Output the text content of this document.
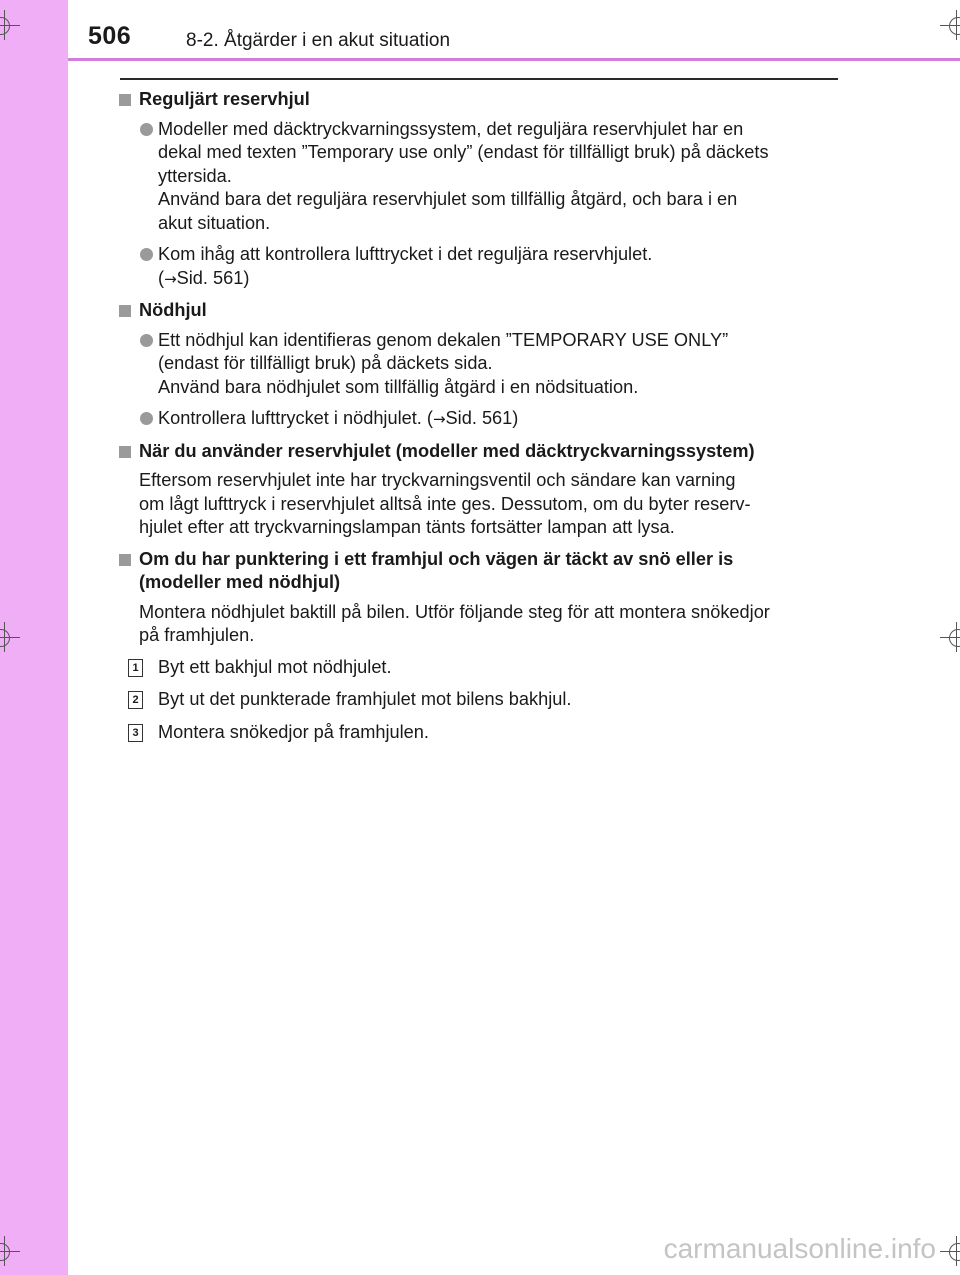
506	8-2. Åtgärder i en akut situation
Reguljärt reservhjul
Modeller med däcktryckvarningssystem, det reguljära reservhjulet har en
dekal med texten ”Temporary use only” (endast för tillfälligt bruk) på däckets
yttersida.
Använd bara det reguljära reservhjulet som tillfällig åtgärd, och bara i en
akut situation.
Kom ihåg att kontrollera lufttrycket i det reguljära reservhjulet.
(→Sid. 561)
Nödhjul
Ett nödhjul kan identifieras genom dekalen ”TEMPORARY USE ONLY”
(endast för tillfälligt bruk) på däckets sida.
Använd bara nödhjulet som tillfällig åtgärd i en nödsituation.
Kontrollera lufttrycket i nödhjulet. (→Sid. 561)
När du använder reservhjulet (modeller med däcktryckvarningssystem)
Eftersom reservhjulet inte har tryckvarningsventil och sändare kan varning
om lågt lufttryck i reservhjulet alltså inte ges. Dessutom, om du byter reserv-
hjulet efter att tryckvarningslampan tänts fortsätter lampan att lysa.
Om du har punktering i ett framhjul och vägen är täckt av snö eller is
(modeller med nödhjul)
Montera nödhjulet baktill på bilen. Utför följande steg för att montera snökedjor
på framhjulen.
1 Byt ett bakhjul mot nödhjulet.
2 Byt ut det punkterade framhjulet mot bilens bakhjul.
3 Montera snökedjor på framhjulen.
carmanualsonline.info
